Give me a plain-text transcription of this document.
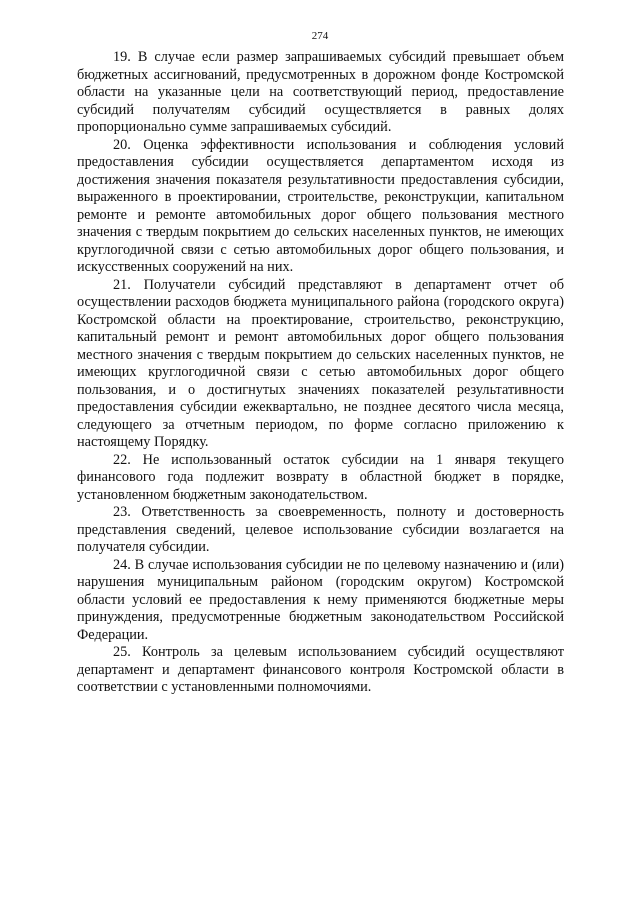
274

19. В случае если размер запрашиваемых субсидий превышает объем бюджетных ассигнований, предусмотренных в дорожном фонде Костромской области на указанные цели на соответствующий период, предоставление субсидий получателям субсидий осуществляется в равных долях пропорционально сумме запрашиваемых субсидий.

20. Оценка эффективности использования и соблюдения условий предоставления субсидии осуществляется департаментом исходя из достижения значения показателя результативности предоставления субсидии, выраженного в проектировании, строительстве, реконструкции, капитальном ремонте и ремонте автомобильных дорог общего пользования местного значения с твердым покрытием до сельских населенных пунктов, не имеющих круглогодичной связи с сетью автомобильных дорог общего пользования, и искусственных сооружений на них.

21. Получатели субсидий представляют в департамент отчет об осуществлении расходов бюджета муниципального района (городского округа) Костромской области на проектирование, строительство, реконструкцию, капитальный ремонт и ремонт автомобильных дорог общего пользования местного значения с твердым покрытием до сельских населенных пунктов, не имеющих круглогодичной связи с сетью автомобильных дорог общего пользования, и о достигнутых значениях показателей результативности предоставления субсидии ежеквартально, не позднее десятого числа месяца, следующего за отчетным периодом, по форме согласно приложению к настоящему Порядку.

22. Не использованный остаток субсидии на 1 января текущего финансового года подлежит возврату в областной бюджет в порядке, установленном бюджетным законодательством.

23. Ответственность за своевременность, полноту и достоверность представления сведений, целевое использование субсидии возлагается на получателя субсидии.

24. В случае использования субсидии не по целевому назначению и (или) нарушения муниципальным районом (городским округом) Костромской области условий ее предоставления к нему применяются бюджетные меры принуждения, предусмотренные бюджетным законодательством Российской Федерации.

25. Контроль за целевым использованием субсидий осуществляют департамент и департамент финансового контроля Костромской области в соответствии с установленными полномочиями.
